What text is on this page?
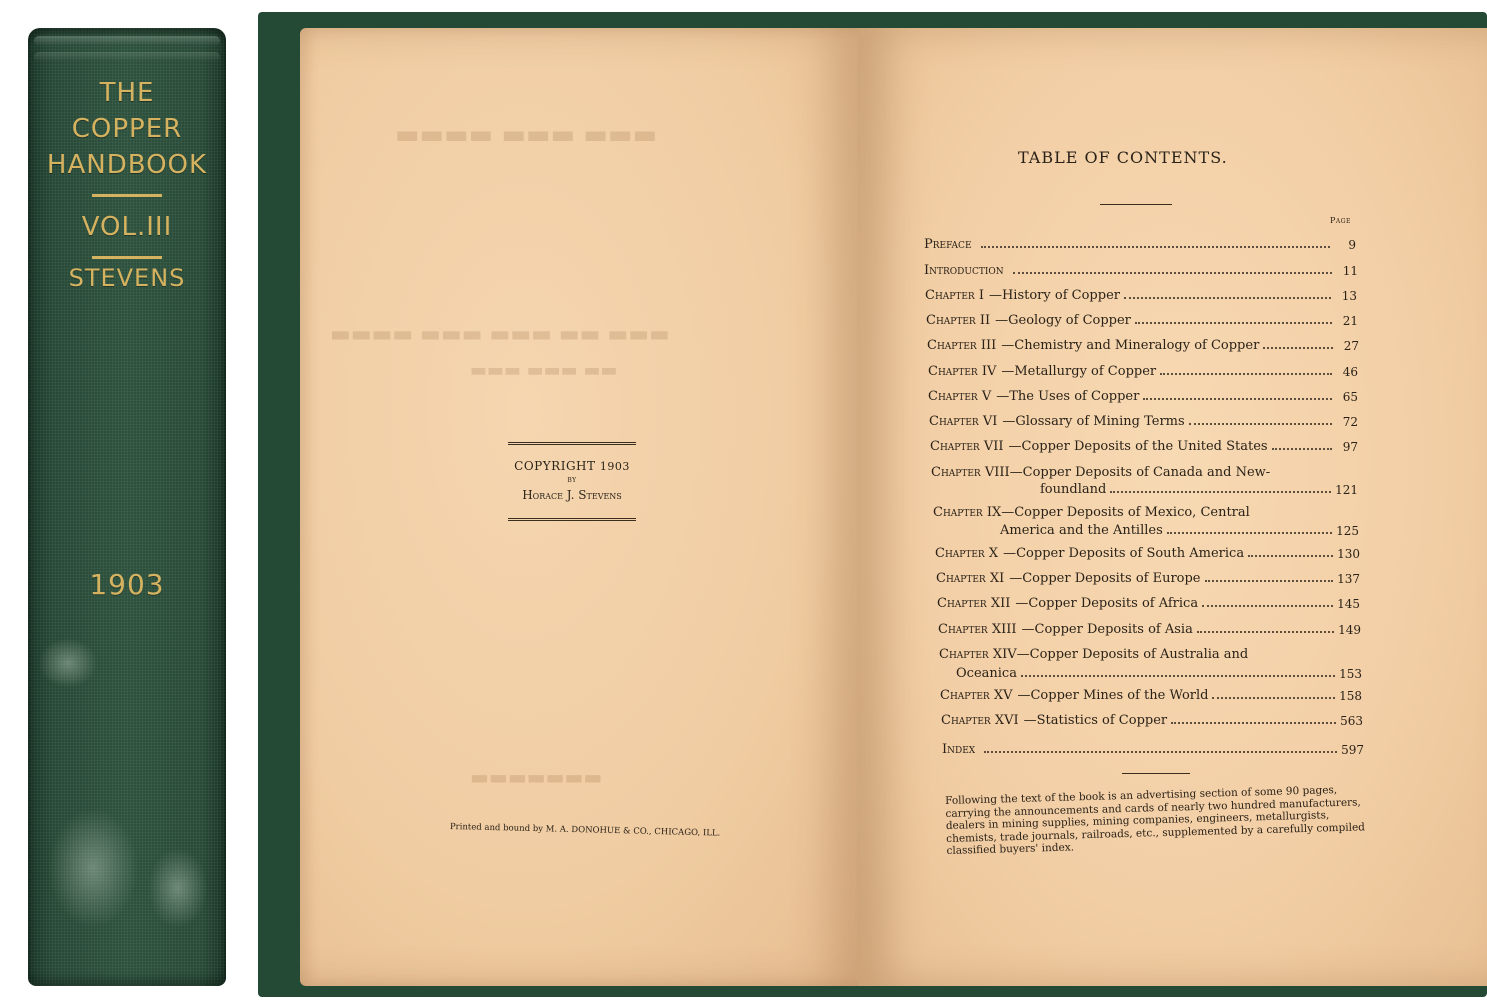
THE
COPPER
HANDBOOK
VOL.III
STEVENS
1903
▬▬▬ ▬▬▬ ▬▬▬▬
▬▬▬ ▬▬ ▬▬▬ ▬▬▬ ▬▬▬▬
▬▬ ▬▬▬ ▬▬▬
▬▬▬▬▬▬▬
COPYRIGHT 1903
BY
Horace J. Stevens
Printed and bound by M. A. DONOHUE & CO., CHICAGO, ILL.
TABLE OF CONTENTS.
Page
Preface	9
Introduction	11
Chapter I —History of Copper	13
Chapter II —Geology of Copper	21
Chapter III —Chemistry and Mineralogy of Copper	27
Chapter IV —Metallurgy of Copper	46
Chapter V —The Uses of Copper	65
Chapter VI —Glossary of Mining Terms	72
Chapter VII —Copper Deposits of the United States	97
Chapter VIII—Copper Deposits of Canada and New-
foundland	121
Chapter IX—Copper Deposits of Mexico, Central
America and the Antilles	125
Chapter X —Copper Deposits of South America	130
Chapter XI —Copper Deposits of Europe	137
Chapter XII —Copper Deposits of Africa	145
Chapter XIII —Copper Deposits of Asia	149
Chapter XIV—Copper Deposits of Australia and
Oceanica	153
Chapter XV —Copper Mines of the World	158
Chapter XVI —Statistics of Copper	563
Index	597
Following the text of the book is an advertising section of some 90 pages, carrying the announcements and cards of nearly two hundred manufacturers, dealers in mining supplies, mining companies, engineers, metallurgists, chemists, trade journals, railroads, etc., supplemented by a carefully compiled classified buyers' index.
